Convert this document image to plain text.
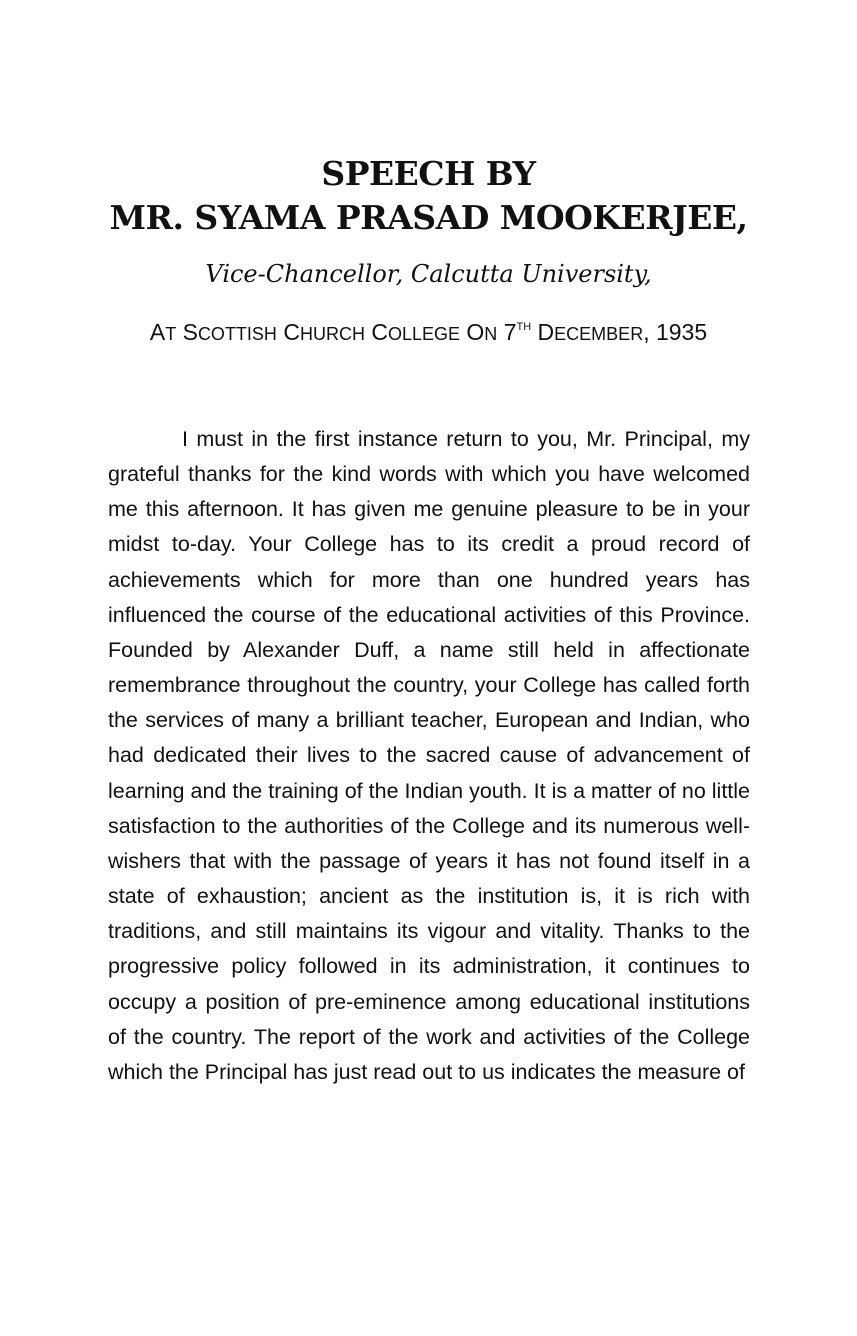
SPEECH BY
MR. SYAMA PRASAD MOOKERJEE,
Vice-Chancellor, Calcutta University,
AT SCOTTISH CHURCH COLLEGE ON 7TH DECEMBER, 1935

I must in the first instance return to you, Mr. Principal, my grateful thanks for the kind words with which you have welcomed me this afternoon. It has given me genuine pleasure to be in your midst to-day. Your College has to its credit a proud record of achievements which for more than one hundred years has influenced the course of the educational activities of this Province. Founded by Alexander Duff, a name still held in affectionate remembrance throughout the country, your College has called forth the services of many a brilliant teacher, European and Indian, who had dedicated their lives to the sacred cause of advancement of learning and the training of the Indian youth. It is a matter of no little satisfaction to the authorities of the College and its numerous well-wishers that with the passage of years it has not found itself in a state of exhaustion; ancient as the institution is, it is rich with traditions, and still maintains its vigour and vitality. Thanks to the progressive policy followed in its administration, it continues to occupy a position of pre-eminence among educational institutions of the country. The report of the work and activities of the College which the Principal has just read out to us indicates the measure of
